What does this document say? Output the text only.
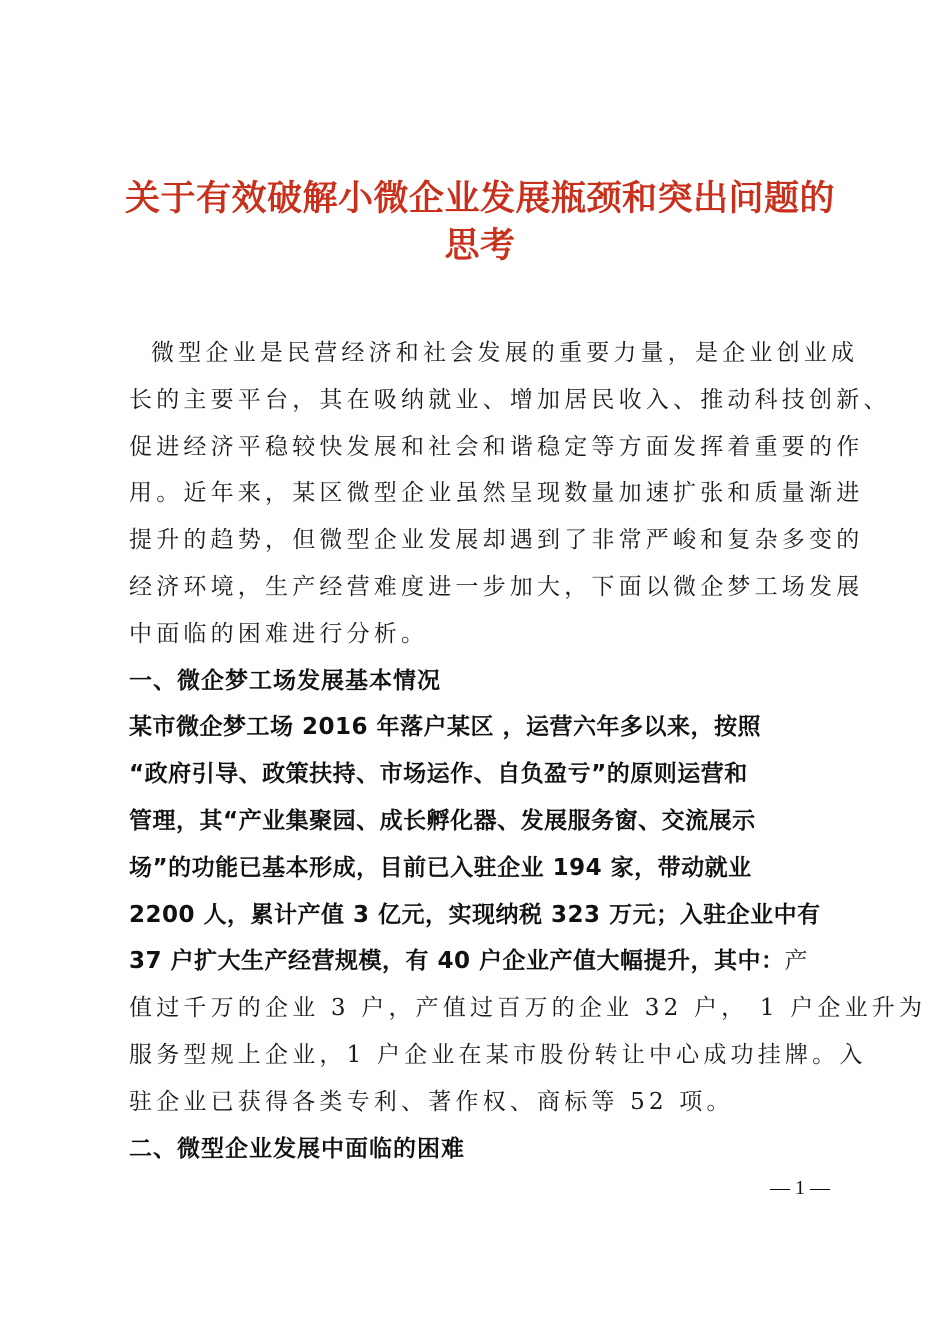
关于有效破解小微企业发展瓶颈和突出问题的
思考
微型企业是民营经济和社会发展的重要力量，是企业创业成
长的主要平台，其在吸纳就业、增加居民收入、推动科技创新、
促进经济平稳较快发展和社会和谐稳定等方面发挥着重要的作
用。近年来，某区微型企业虽然呈现数量加速扩张和质量渐进
提升的趋势，但微型企业发展却遇到了非常严峻和复杂多变的
经济环境，生产经营难度进一步加大，下面以微企梦工场发展
中面临的困难进行分析。
一、微企梦工场发展基本情况
某市微企梦工场 2016 年落户某区 ，运营六年多以来，按照
“政府引导、政策扶持、市场运作、自负盈亏”的原则运营和
管理，其“产业集聚园、成长孵化器、发展服务窗、交流展示
场”的功能已基本形成，目前已入驻企业 194 家，带动就业
2200 人，累计产值 3 亿元，实现纳税 323 万元；入驻企业中有
37 户扩大生产经营规模，有 40 户企业产值大幅提升，其中：产
值过千万的企业 3 户，产值过百万的企业 32 户， 1 户企业升为
服务型规上企业，1 户企业在某市股份转让中心成功挂牌。入
驻企业已获得各类专利、著作权、商标等 52 项。
二、微型企业发展中面临的困难
— 1 —
